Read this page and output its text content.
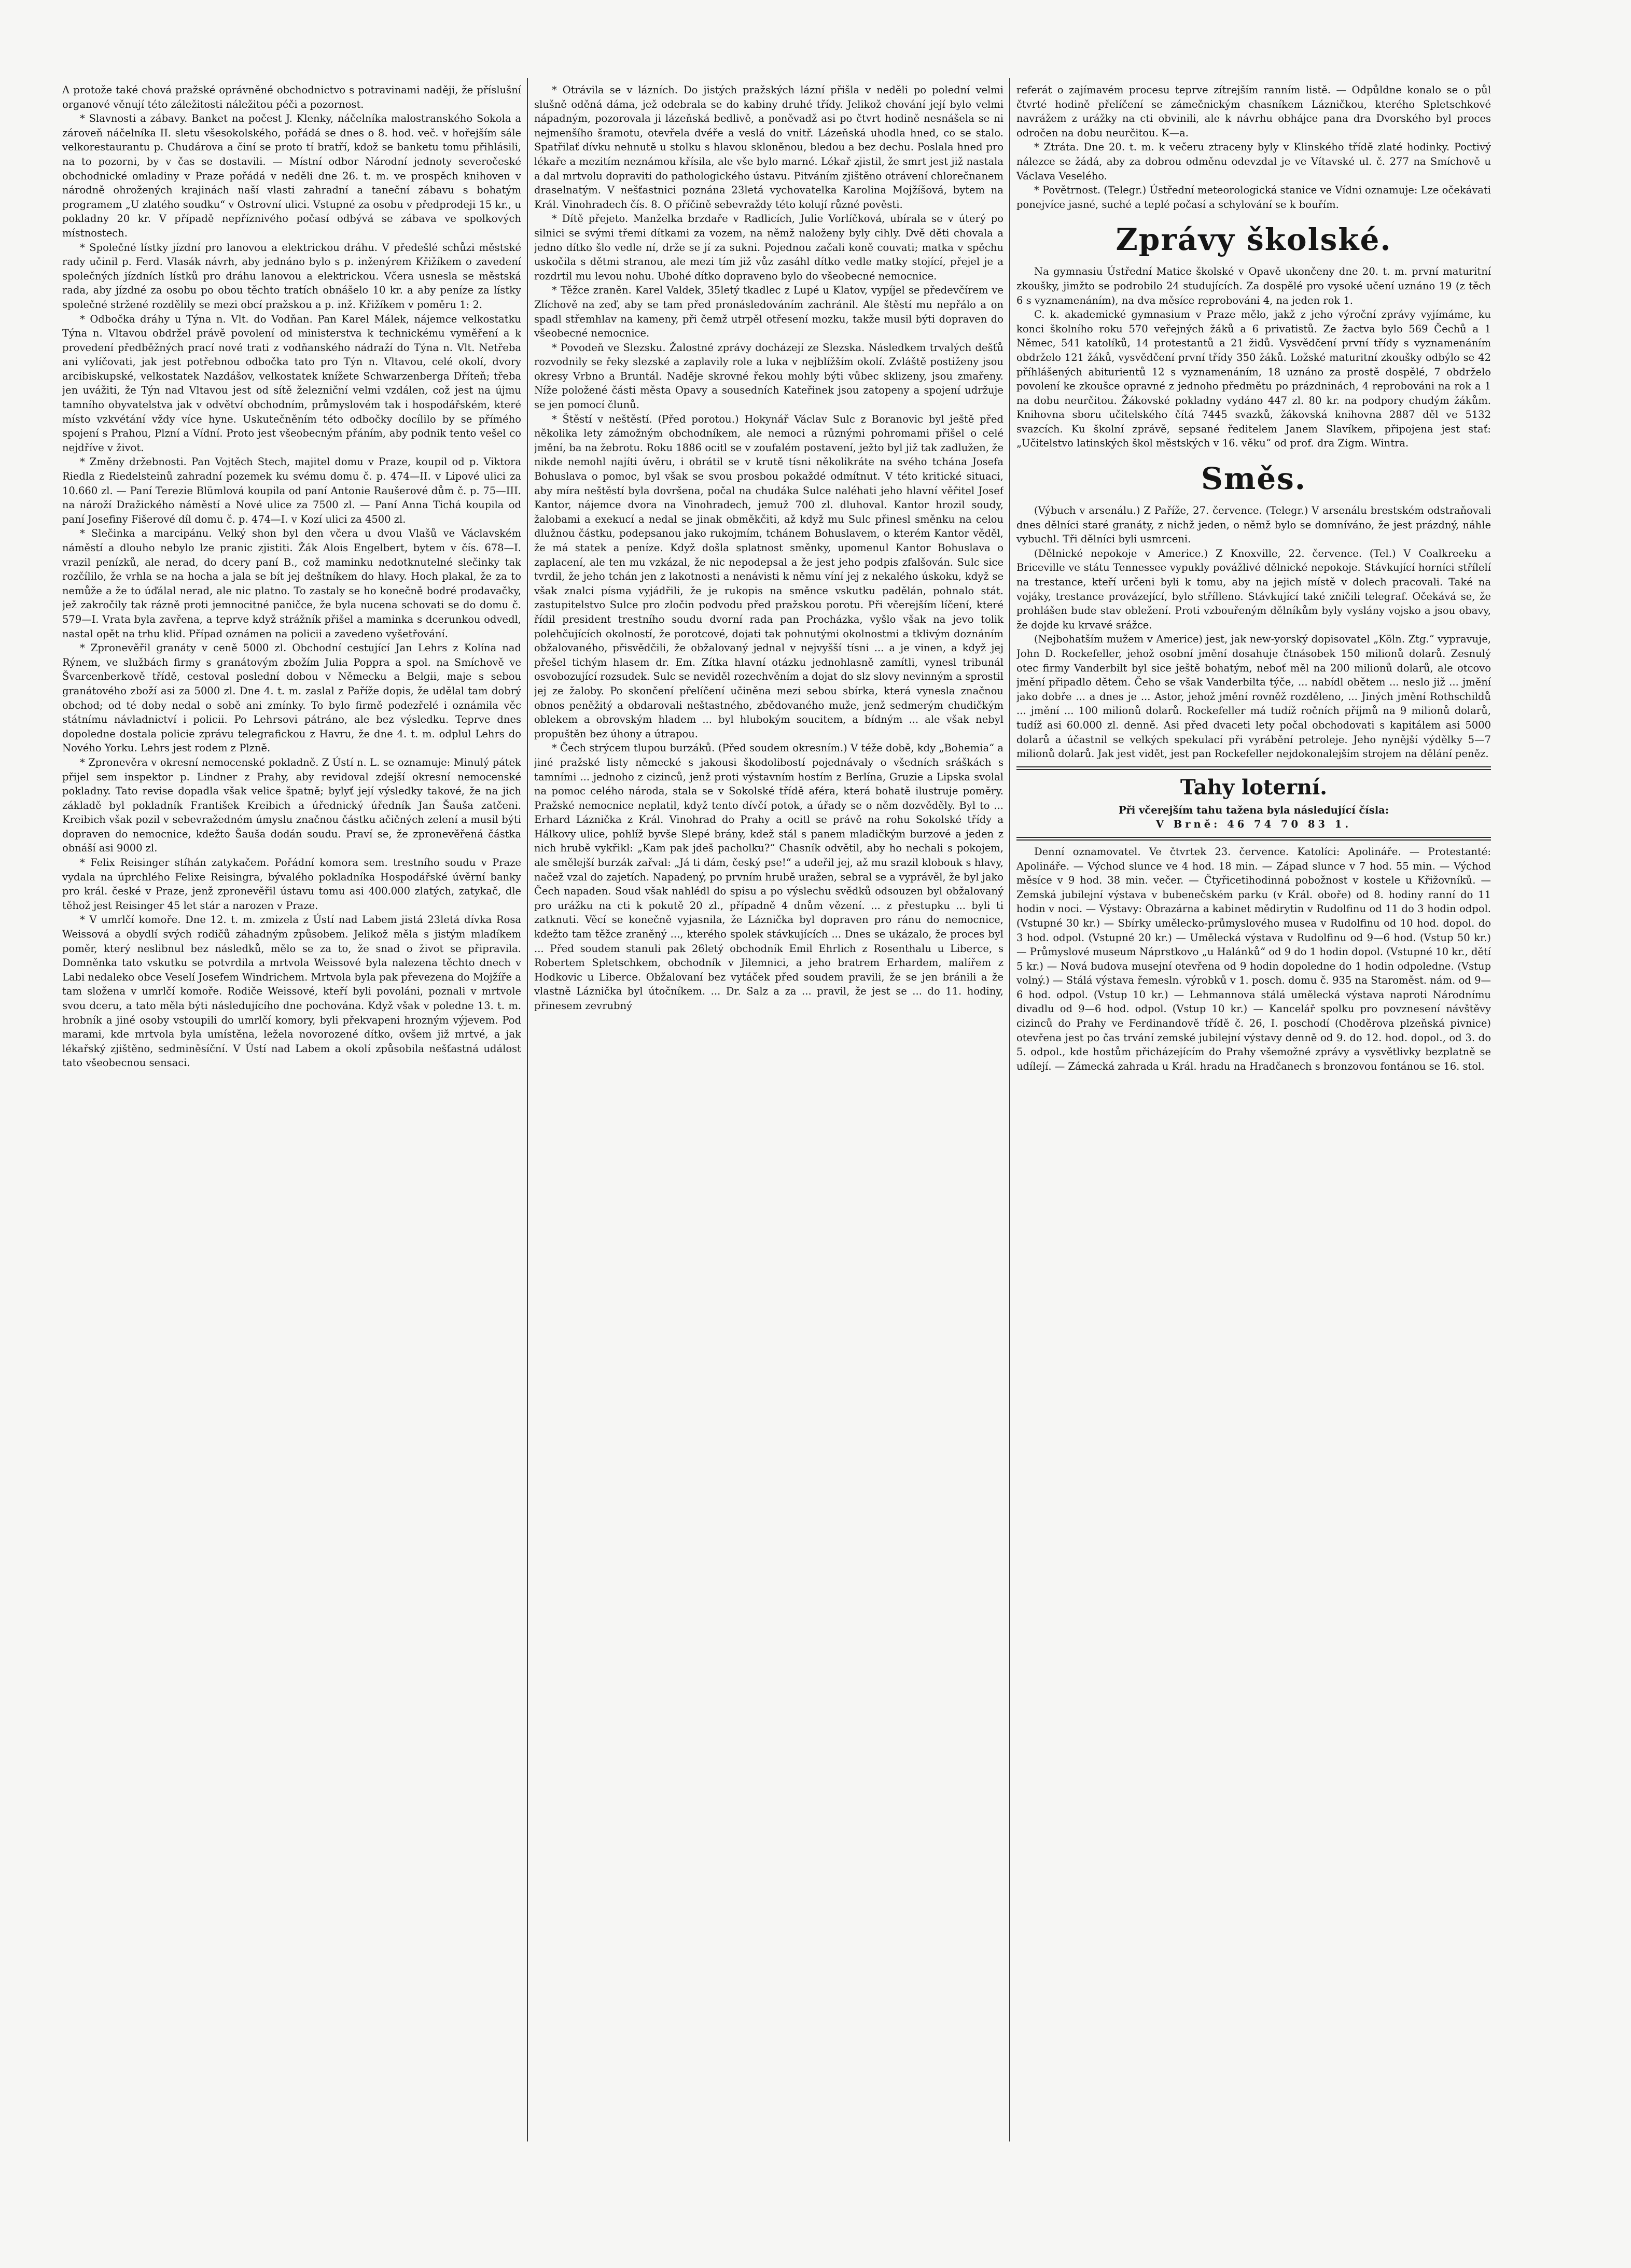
A protože také chová pražské oprávněné obchodnictvo s potravinami naději, že příslušní organové věnují této záležitosti náležitou péči a pozornost.

* Slavnosti a zábavy. Banket na počest J. Klenky, náčelníka malostranského Sokola a zároveň náčelníka II. sletu všesokolského, pořádá se dnes o 8. hod. več. v hořejším sále velkorestaurantu p. Chudárova a činí se proto tí bratří, kdož se banketu tomu přihlásili, na to pozorni, by v čas se dostavili. — Místní odbor Národní jednoty severočeské obchodnické omladiny v Praze pořádá v neděli dne 26. t. m. ve prospěch knihoven v národně ohrožených krajinách naší vlasti zahradní a taneční zábavu s bohatým programem „U zlatého soudku“ v Ostrovní ulici. Vstupné za osobu v předprodeji 15 kr., u pokladny 20 kr. V případě nepříznivého počasí odbývá se zábava ve spolkových místnostech.

* Společné lístky jízdní pro lanovou a elektrickou dráhu. V předešlé schůzi městské rady učinil p. Ferd. Vlasák návrh, aby jednáno bylo s p. inženýrem Křižíkem o zavedení společných jízdních lístků pro dráhu lanovou a elektrickou. Včera usnesla se městská rada, aby jízdné za osobu po obou těchto tratích obnášelo 10 kr. a aby peníze za lístky společné stržené rozdělily se mezi obcí pražskou a p. inž. Křižíkem v poměru 1: 2.

* Odbočka dráhy u Týna n. Vlt. do Vodňan. Pan Karel Málek, nájemce velkostatku Týna n. Vltavou obdržel právě povolení od ministerstva k technickému vyměření a k provedení předběžných prací nové trati z vodňanského nádraží do Týna n. Vlt. Netřeba ani vylíčovati, jak jest potřebnou odbočka tato pro Týn n. Vltavou, celé okolí, dvory arcibiskupské, velkostatek Nazdášov, velkostatek knížete Schwarzenberga Dříteň; třeba jen uvážiti, že Týn nad Vltavou jest od sítě železniční velmi vzdálen, což jest na újmu tamního obyvatelstva jak v odvětví obchodním, průmyslovém tak i hospodářském, které místo vzkvétání vždy více hyne. Uskutečněním této odbočky docílilo by se přímého spojení s Prahou, Plzní a Vídní. Proto jest všeobecným přáním, aby podnik tento vešel co nejdříve v život.

* Změny držebnosti. Pan Vojtěch Stech, majitel domu v Praze, koupil od p. Viktora Riedla z Riedelsteinů zahradní pozemek ku svému domu č. p. 474—II. v Lipové ulici za 10.660 zl. — Paní Terezie Blümlová koupila od paní Antonie Raušerové dům č. p. 75—III. na nároží Dražického náměstí a Nové ulice za 7500 zl. — Paní Anna Tichá koupila od paní Josefiny Fišerové díl domu č. p. 474—I. v Kozí ulici za 4500 zl.

* Slečinka a marcipánu. Velký shon byl den včera u dvou Vlašů ve Václavském náměstí a dlouho nebylo lze pranic zjistiti. Žák Alois Engelbert, bytem v čís. 678—I. vrazil penízků, ale nerad, do dcery paní B., což maminku nedotknutelné slečinky tak rozčílilo, že vrhla se na hocha a jala se bít jej deštníkem do hlavy. Hoch plakal, že za to nemůže a že to úďálal nerad, ale nic platno. To zastaly se ho konečně bodré prodavačky, jež zakročily tak rázně proti jemnocitné paničce, že byla nucena schovati se do domu č. 579—I. Vrata byla zavřena, a teprve když strážník přišel a maminka s dcerunkou odvedl, nastal opět na trhu klid. Případ oznámen na policii a zavedeno vyšetřování.

* Zpronevěřil granáty v ceně 5000 zl. Obchodní cestující Jan Lehrs z Kolína nad Rýnem, ve službách firmy s granátovým zbožím Julia Poppra a spol. na Smíchově ve Švarcenberkově třídě, cestoval poslední dobou v Německu a Belgii, maje s sebou granátového zboží asi za 5000 zl. Dne 4. t. m. zaslal z Paříže dopis, že udělal tam dobrý obchod; od té doby nedal o sobě ani zmínky. To bylo firmě podezřelé i oznámila věc státnímu návladnictví i policii. Po Lehrsovi pátráno, ale bez výsledku. Teprve dnes dopoledne dostala policie zprávu telegrafickou z Havru, že dne 4. t. m. odplul Lehrs do Nového Yorku. Lehrs jest rodem z Plzně.

* Zpronevěra v okresní nemocenské pokladně. Z Ústí n. L. se oznamuje: Minulý pátek přijel sem inspektor p. Lindner z Prahy, aby revidoval zdejší okresní nemocenské pokladny. Tato revise dopadla však velice špatně; bylyť její výsledky takové, že na jich základě byl pokladník František Kreibich a úřednický úředník Jan Šauša zatčeni. Kreibich však pozil v sebevražedném úmyslu značnou částku ačičných zelení a musil býti dopraven do nemocnice, kdežto Šauša dodán soudu. Praví se, že zpronevěřená částka obnáší asi 9000 zl.

* Felix Reisinger stíhán zatykačem. Pořádní komora sem. trestního soudu v Praze vydala na úprchlého Felixe Reisingra, bývalého pokladníka Hospodářské úvěrní banky pro král. české v Praze, jenž zpronevěřil ústavu tomu asi 400.000 zlatých, zatykač, dle těhož jest Reisinger 45 let stár a narozen v Praze.

* V umrlčí komoře. Dne 12. t. m. zmizela z Ústí nad Labem jistá 23letá dívka Rosa Weissová a obydlí svých rodičů záhadným způsobem. Jelikož měla s jistým mladíkem poměr, který neslibnul bez následků, mělo se za to, že snad o život se připravila. Domněnka tato vskutku se potvrdila a mrtvola Weissové byla nalezena těchto dnech v Labi nedaleko obce Veselí Josefem Windrichem. Mrtvola byla pak převezena do Mojžíře a tam složena v umrlčí komoře. Rodiče Weissové, kteří byli povoláni, poznali v mrtvole svou dceru, a tato měla býti následujícího dne pochována. Když však v poledne 13. t. m. hrobník a jiné osoby vstoupili do umrlčí komory, byli překvapeni hrozným výjevem. Pod marami, kde mrtvola byla umístěna, ležela novorozené dítko, ovšem již mrtvé, a jak lékařský zjištěno, sedminěsíční. V Ústí nad Labem a okolí způsobila nešťastná událost tato všeobecnou sensaci.

* Otrávila se v lázních. Do jistých pražských lázní přišla v neděli po polední velmi slušně oděná dáma, jež odebrala se do kabiny druhé třídy. Jelikož chování její bylo velmi nápadným, pozorovala ji lázeňská bedlivě, a poněvadž asi po čtvrt hodině nesnášela se ni nejmenšího šramotu, otevřela dvéře a veslá do vnitř. Lázeňská uhodla hned, co se stalo. Spatřilať dívku nehnutě u stolku s hlavou skloněnou, bledou a bez dechu. Poslala hned pro lékaře a mezitím neznámou křísila, ale vše bylo marné. Lékař zjistil, že smrt jest již nastala a dal mrtvolu dopraviti do pathologického ústavu. Pitváním zjištěno otrávení chlorečnanem draselnatým. V nešťastnici poznána 23letá vychovatelka Karolina Mojžíšová, bytem na Král. Vinohradech čís. 8. O příčině sebevraždy této kolují různé pověsti.

* Dítě přejeto. Manželka brzdaře v Radlicích, Julie Vorlíčková, ubírala se v úterý po silnici se svými třemi dítkami za vozem, na němž naloženy byly cihly. Dvě děti chovala a jedno dítko šlo vedle ní, drže se jí za sukni. Pojednou začali koně couvati; matka v spěchu uskočila s dětmi stranou, ale mezi tím již vůz zasáhl dítko vedle matky stojící, přejel je a rozdrtil mu levou nohu. Ubohé dítko dopraveno bylo do všeobecné nemocnice.

* Těžce zraněn. Karel Valdek, 35letý tkadlec z Lupé u Klatov, vypíjel se předevčírem ve Zlíchově na zeď, aby se tam před pronásledováním zachránil. Ale štěstí mu nepřálo a on spadl střemhlav na kameny, při čemž utrpěl otřesení mozku, takže musil býti dopraven do všeobecné nemocnice.

* Povodeň ve Slezsku. Žalostné zprávy docházejí ze Slezska. Následkem trvalých dešťů rozvodnily se řeky slezské a zaplavily role a luka v nejblížším okolí. Zvláště postiženy jsou okresy Vrbno a Bruntál. Naděje skrovné řekou mohly býti vůbec sklizeny, jsou zmařeny. Níže položené části města Opavy a sousedních Kateřinek jsou zatopeny a spojení udržuje se jen pomocí člunů.

* Štěstí v neštěstí. (Před porotou.) Hokynář Václav Sulc z Boranovic byl ještě před několika lety zámožným obchodníkem, ale nemoci a různými pohromami přišel o celé jmění, ba na žebrotu. Roku 1886 ocitl se v zoufalém postavení, ježto byl již tak zadlužen, že nikde nemohl najíti úvěru, i obrátil se v krutě tísni několikráte na svého tchána Josefa Bohuslava o pomoc, byl však se svou prosbou pokaždé odmítnut. V této kritické situaci, aby míra neštěstí byla dovršena, počal na chudáka Sulce naléhati jeho hlavní věřitel Josef Kantor, nájemce dvora na Vinohradech, jemuž 700 zl. dluhoval. Kantor hrozil soudy, žalobami a exekucí a nedal se jinak obměkčiti, až když mu Sulc přinesl směnku na celou dlužnou částku, podepsanou jako rukojmím, tchánem Bohuslavem, o kterém Kantor věděl, že má statek a peníze. Když došla splatnost směnky, upomenul Kantor Bohuslava o zaplacení, ale ten mu vzkázal, že nic nepodepsal a že jest jeho podpis zfalšován. Sulc sice tvrdil, že jeho tchán jen z lakotnosti a nenávisti k němu víní jej z nekalého úskoku, když se však znalci písma vyjádřili, že je rukopis na směnce vskutku padělán, pohnalo stát. zastupitelstvo Sulce pro zločin podvodu před pražskou porotu. Při včerejším líčení, které řídil president trestního soudu dvorní rada pan Procházka, vyšlo však na jevo tolik polehčujících okolností, že porotcové, dojati tak pohnutými okolnostmi a tklivým doznáním obžalovaného, přisvědčili, že obžalovaný jednal v nejvyšší tísni ... a je vinen, a když jej přešel tichým hlasem dr. Em. Zítka hlavní otázku jednohlasně zamítli, vynesl tribunál osvobozující rozsudek. Sulc se neviděl rozechvěním a dojat do slz slovy nevinným a sprostil jej ze žaloby. Po skončení přelíčení učiněna mezi sebou sbírka, která vynesla značnou obnos peněžitý a obdarovali neštastného, zbědovaného muže, jenž sedmerým chudičkým oblekem a obrovským hladem ... byl hlubokým soucitem, a bídným ... ale však nebyl propuštěn bez úhony a útrapou.

* Čech strýcem tlupou burzáků. (Před soudem okresním.) V téže době, kdy „Bohemia“ a jiné pražské listy německé s jakousi škodolibostí pojednávaly o všedních sráškách s tamními ... jednoho z cizinců, jenž proti výstavním hostím z Berlína, Gruzie a Lipska svolal na pomoc celého národa, stala se v Sokolské třídě aféra, která bohatě ilustruje poměry. Pražské nemocnice neplatil, když tento dívčí potok, a úřady se o něm dozvěděly. Byl to ... Erhard Láznička z Král. Vinohrad do Prahy a ocitl se právě na rohu Sokolské třídy a Hálkovy ulice, pohlíž byvše Slepé brány, kdež stál s panem mladičkým burzové a jeden z nich hrubě vykřikl: „Kam pak jdeš pacholku?“ Chasník odvětil, aby ho nechali s pokojem, ale smělejší burzák zařval: „Já ti dám, český pse!“ a udeřil jej, až mu srazil klobouk s hlavy, načež vzal do zajetích. Napadený, po prvním hrubě uražen, sebral se a vyprávěl, že byl jako Čech napaden. Soud však nahlédl do spisu a po výslechu svědků odsouzen byl obžalovaný pro urážku na cti k pokutě 20 zl., případně 4 dnům vězení. ... z přestupku ... byli ti zatknuti. Věcí se konečně vyjasnila, že Láznička byl dopraven pro ránu do nemocnice, kdežto tam těžce zraněný ..., kterého spolek stávkujících ... Dnes se ukázalo, že proces byl ... Před soudem stanuli pak 26letý obchodník Emil Ehrlich z Rosenthalu u Liberce, s Robertem Spletschkem, obchodník v Jilemnici, a jeho bratrem Erhardem, malířem z Hodkovic u Liberce. Obžalovaní bez vytáček před soudem pravili, že se jen bránili a že vlastně Láznička byl útočníkem. ... Dr. Salz a za ... pravil, že jest se ... do 11. hodiny, přinesem zevrubný

referát o zajímavém procesu teprve zítrejším ranním listě. — Odpůldne konalo se o půl čtvrté hodině přelíčení se zámečnickým chasníkem Lázničkou, kterého Spletschkové navrážem z urážky na cti obvinili, ale k návrhu obhájce pana dra Dvorského byl proces odročen na dobu neurčitou. K—a.

* Ztráta. Dne 20. t. m. k večeru ztraceny byly v Klinského třídě zlaté hodinky. Poctivý nálezce se žádá, aby za dobrou odměnu odevzdal je ve Vítavské ul. č. 277 na Smíchově u Václava Veselého.

* Povětrnost. (Telegr.) Ústřední meteorologická stanice ve Vídni oznamuje: Lze očekávati ponejvíce jasné, suché a teplé počasí a schylování se k bouřím.

Zprávy školské.

Na gymnasiu Ústřední Matice školské v Opavě ukončeny dne 20. t. m. první maturitní zkoušky, jimžto se podrobilo 24 studujících. Za dospělé pro vysoké učení uznáno 19 (z těch 6 s vyznamenáním), na dva měsíce reprobováni 4, na jeden rok 1.

C. k. akademické gymnasium v Praze mělo, jakž z jeho výroční zprávy vyjímáme, ku konci školního roku 570 veřejných žáků a 6 privatistů. Ze žactva bylo 569 Čechů a 1 Němec, 541 katolíků, 14 protestantů a 21 židů. Vysvědčení první třídy s vyznamenáním obdrželo 121 žáků, vysvědčení první třídy 350 žáků. Ložské maturitní zkoušky odbýlo se 42 příhlášených abiturientů 12 s vyznamenáním, 18 uznáno za prostě dospělé, 7 obdrželo povolení ke zkoušce opravné z jednoho předmětu po prázdninách, 4 reprobováni na rok a 1 na dobu neurčitou. Žákovské pokladny vydáno 447 zl. 80 kr. na podpory chudým žákům. Knihovna sboru učitelského čítá 7445 svazků, žákovská knihovna 2887 děl ve 5132 svazcích. Ku školní zprávě, sepsané ředitelem Janem Slavíkem, připojena jest stať: „Učitelstvo latinských škol městských v 16. věku“ od prof. dra Zigm. Wintra.

Směs.

(Výbuch v arsenálu.) Z Paříže, 27. července. (Telegr.) V arsenálu brestském odstraňovali dnes dělníci staré granáty, z nichž jeden, o němž bylo se domníváno, že jest prázdný, náhle vybuchl. Tři dělníci byli usmrceni.

(Dělnické nepokoje v Americe.) Z Knoxville, 22. července. (Tel.) V Coalkreeku a Briceville ve státu Tennessee vypukly povážlivé dělnické nepokoje. Stávkující horníci střílelí na trestance, kteří určeni byli k tomu, aby na jejich místě v dolech pracovali. Také na vojáky, trestance provázející, bylo střílleno. Stávkující také zničili telegraf. Očekává se, že prohlášen bude stav obležení. Proti vzbouřeným dělníkům byly vyslány vojsko a jsou obavy, že dojde ku krvavé srážce.

(Nejbohatším mužem v Americe) jest, jak new-yorský dopisovatel „Köln. Ztg.“ vypravuje, John D. Rockefeller, jehož osobní jmění dosahuje čtnásobek 150 milionů dolarů. Zesnulý otec firmy Vanderbilt byl sice ještě bohatým, neboť měl na 200 milionů dolarů, ale otcovo jmění připadlo dětem. Čeho se však Vanderbilta týče, ... nabídl obětem ... neslo již ... jmění jako dobře ... a dnes je ... Astor, jehož jmění rovněž rozděleno, ... Jiných jmění Rothschildů ... jmění ... 100 milionů dolarů. Rockefeller má tudíž ročních příjmů na 9 milionů dolarů, tudíž asi 60.000 zl. denně. Asi před dvaceti lety počal obchodovati s kapitálem asi 5000 dolarů a účastnil se velkých spekulací při vyrábění petroleje. Jeho nynější výdělky 5—7 milionů dolarů. Jak jest vidět, jest pan Rockefeller nejdokonalejším strojem na dělání peněz.

Tahy loterní.

Při včerejším tahu tažena byla následující čísla:

V Brně: 46 74 70 83 1.

Denní oznamovatel. Ve čtvrtek 23. července. Katolíci: Apolináře. — Protestanté: Apolináře. — Východ slunce ve 4 hod. 18 min. — Západ slunce v 7 hod. 55 min. — Východ měsíce v 9 hod. 38 min. večer. — Čtyřicetihodinná pobožnost v kostele u Křižovníků. — Zemská jubilejní výstava v bubenečském parku (v Král. oboře) od 8. hodiny ranní do 11 hodin v noci. — Výstavy: Obrazárna a kabinet mědirytin v Rudolfinu od 11 do 3 hodin odpol. (Vstupné 30 kr.) — Sbírky umělecko-průmyslového musea v Rudolfinu od 10 hod. dopol. do 3 hod. odpol. (Vstupné 20 kr.) — Umělecká výstava v Rudolfinu od 9—6 hod. (Vstup 50 kr.) — Průmyslové museum Náprstkovo „u Halánků“ od 9 do 1 hodin dopol. (Vstupné 10 kr., dětí 5 kr.) — Nová budova musejní otevřena od 9 hodin dopoledne do 1 hodin odpoledne. (Vstup volný.) — Stálá výstava řemesln. výrobků v 1. posch. domu č. 935 na Staroměst. nám. od 9—6 hod. odpol. (Vstup 10 kr.) — Lehmannova stálá umělecká výstava naproti Národnímu divadlu od 9—6 hod. odpol. (Vstup 10 kr.) — Kancelář spolku pro povznesení návštěvy cizinců do Prahy ve Ferdinandově třídě č. 26, I. poschodí (Choděrova plzeňská pivnice) otevřena jest po čas trvání zemské jubilejní výstavy denně od 9. do 12. hod. dopol., od 3. do 5. odpol., kde hostům přicházejícím do Prahy všemožné zprávy a vysvětlivky bezplatně se udílejí. — Zámecká zahrada u Král. hradu na Hradčanech s bronzovou fontánou se 16. stol.
